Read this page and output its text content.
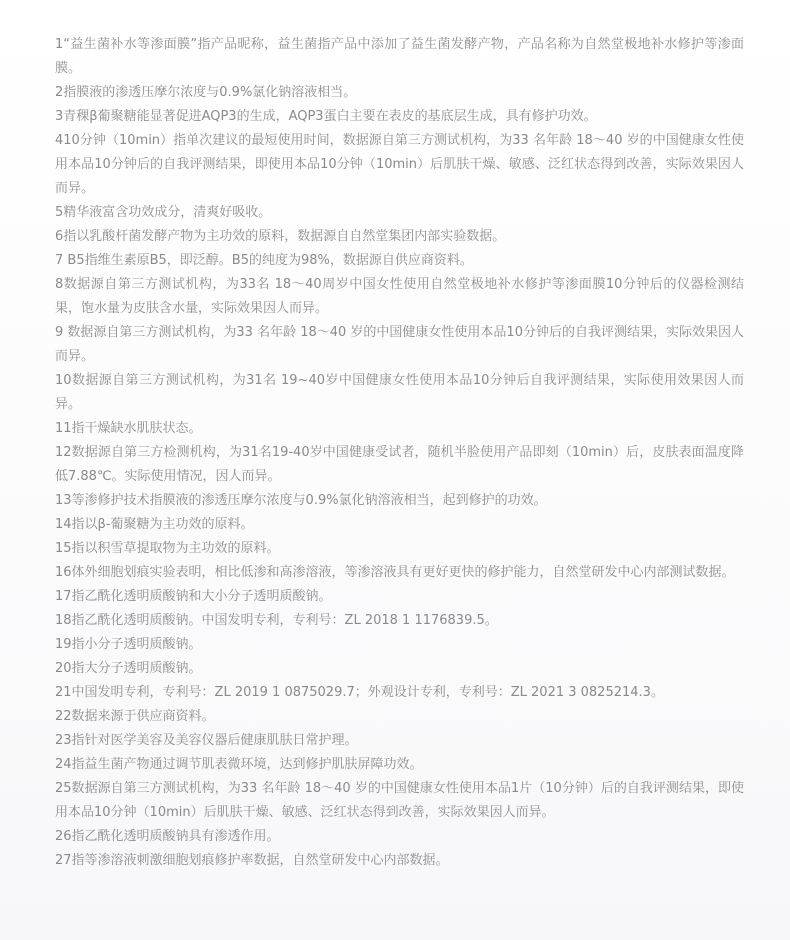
1“益生菌补水等渗面膜”指产品昵称，益生菌指产品中添加了益生菌发酵产物，产品名称为自然堂极地补水修护等渗面膜。
2指膜液的渗透压摩尔浓度与0.9%氯化钠溶液相当。
3青稞β葡聚糖能显著促进AQP3的生成，AQP3蛋白主要在表皮的基底层生成，具有修护功效。
410分钟（10min）指单次建议的最短使用时间，数据源自第三方测试机构，为33 名年龄 18～40 岁的中国健康女性使用本品10分钟后的自我评测结果，即使用本品10分钟（10min）后肌肤干燥、敏感、泛红状态得到改善，实际效果因人而异。
5精华液富含功效成分，清爽好吸收。
6指以乳酸杆菌发酵产物为主功效的原料，数据源自自然堂集团内部实验数据。
7 B5指维生素原B5，即泛醇。B5的纯度为98%，数据源自供应商资料。
8数据源自第三方测试机构，为33名 18～40周岁中国女性使用自然堂极地补水修护等渗面膜10分钟后的仪器检测结果，饱水量为皮肤含水量，实际效果因人而异。
9 数据源自第三方测试机构，为33 名年龄 18～40 岁的中国健康女性使用本品10分钟后的自我评测结果，实际效果因人而异。
10数据源自第三方测试机构，为31名 19~40岁中国健康女性使用本品10分钟后自我评测结果，实际使用效果因人而异。
11指干燥缺水肌肤状态。
12数据源自第三方检测机构，为31名19-40岁中国健康受试者，随机半脸使用产品即刻（10min）后，皮肤表面温度降低7.88℃。实际使用情况，因人而异。
13等渗修护技术指膜液的渗透压摩尔浓度与0.9%氯化钠溶液相当，起到修护的功效。
14指以β-葡聚糖为主功效的原料。
15指以积雪草提取物为主功效的原料。
16体外细胞划痕实验表明，相比低渗和高渗溶液，等渗溶液具有更好更快的修护能力，自然堂研发中心内部测试数据。
17指乙酰化透明质酸钠和大小分子透明质酸钠。
18指乙酰化透明质酸钠。中国发明专利，专利号：ZL 2018 1 1176839.5。
19指小分子透明质酸钠。
20指大分子透明质酸钠。
21中国发明专利，专利号：ZL 2019 1 0875029.7；外观设计专利，专利号：ZL 2021 3 0825214.3。
22数据来源于供应商资料。
23指针对医学美容及美容仪器后健康肌肤日常护理。
24指益生菌产物通过调节肌表微环境，达到修护肌肤屏障功效。
25数据源自第三方测试机构，为33 名年龄 18～40 岁的中国健康女性使用本品1片（10分钟）后的自我评测结果，即使用本品10分钟（10min）后肌肤干燥、敏感、泛红状态得到改善，实际效果因人而异。
26指乙酰化透明质酸钠具有渗透作用。
27指等渗溶液刺激细胞划痕修护率数据，自然堂研发中心内部数据。
